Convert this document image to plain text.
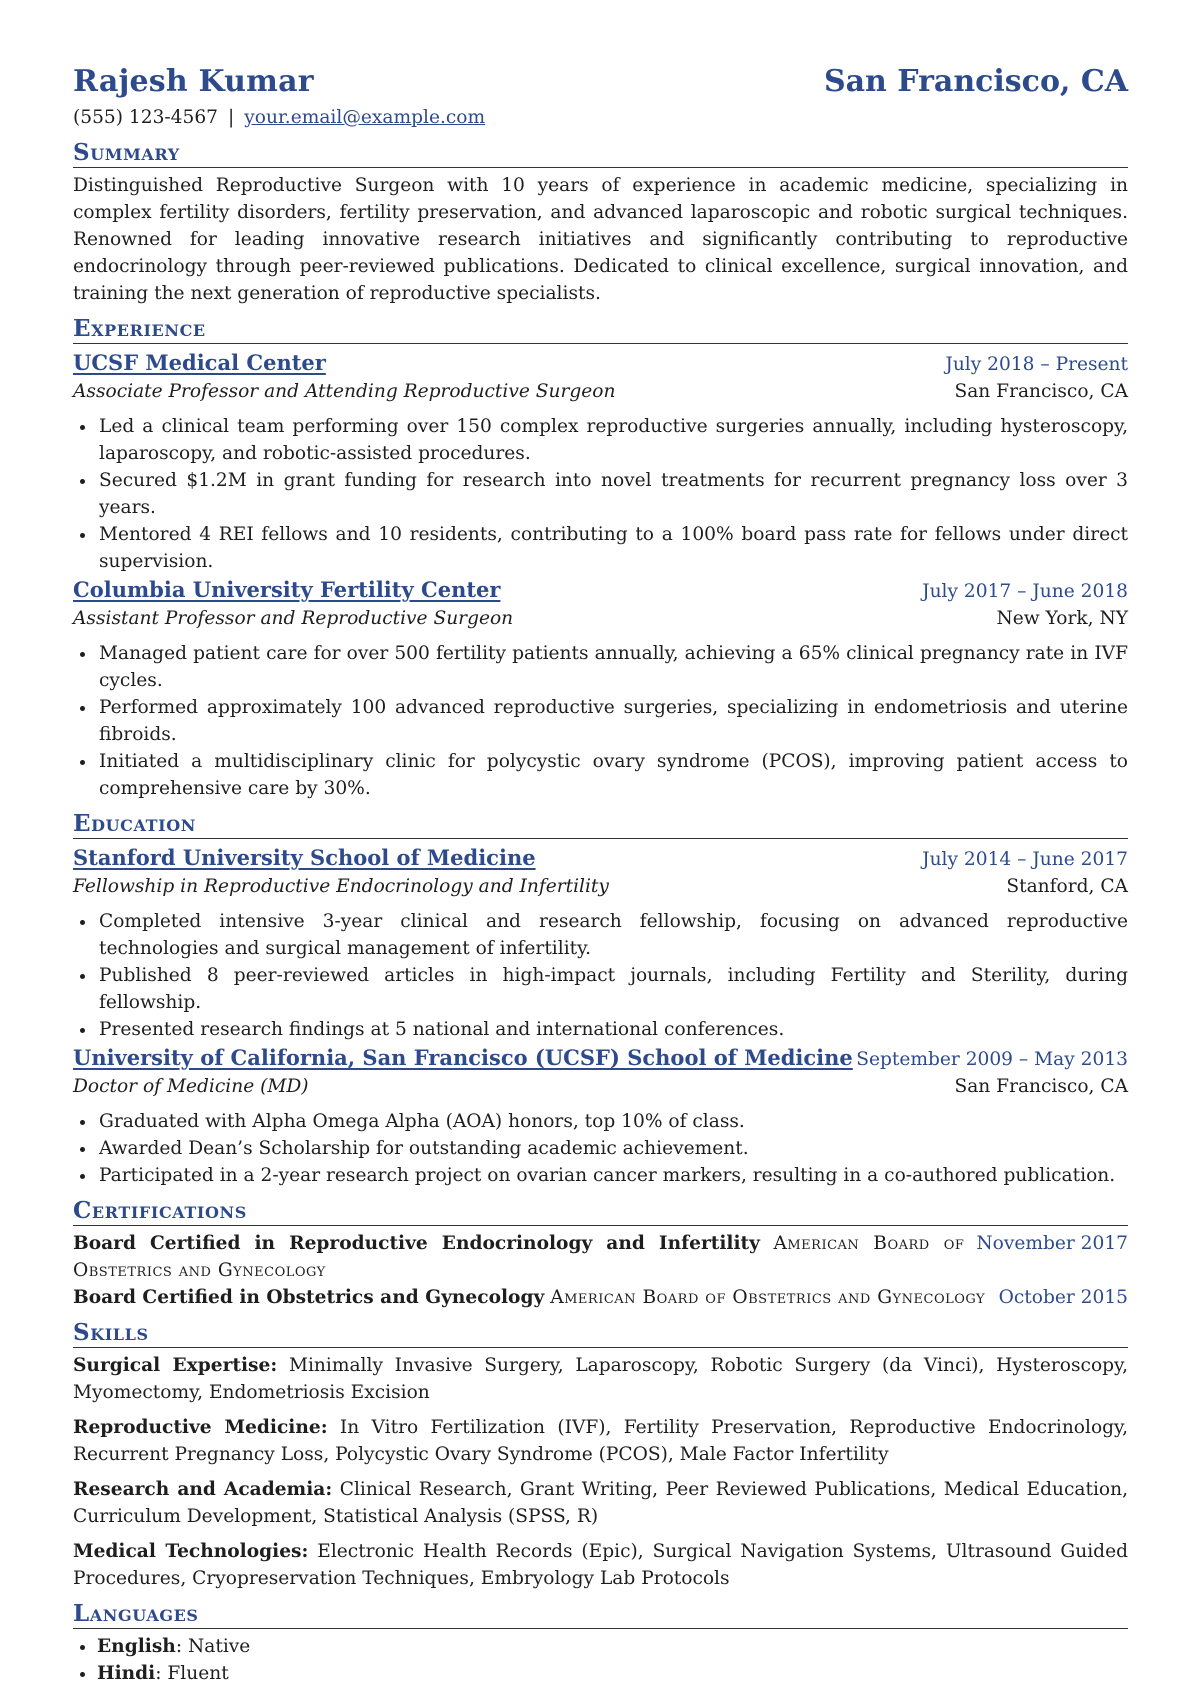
Rajesh Kumar	San Francisco, CA
(555) 123-4567 | your.email@example.com
Summary

Distinguished Reproductive Surgeon with 10 years of experience in academic medicine, specializing in complex fertility disorders, fertility preservation, and advanced laparoscopic and robotic surgical techniques. Renowned for leading innovative research initiatives and significantly contributing to reproductive endocrinology through peer-reviewed publications. Dedicated to clinical excellence, surgical innovation, and training the next generation of reproductive specialists.

Experience
UCSF Medical Center	July 2018 – Present
Associate Professor and Attending Reproductive Surgeon	San Francisco, CA
• Led a clinical team performing over 150 complex reproductive surgeries annually, including hysteroscopy, laparoscopy, and robotic-assisted procedures.
• Secured $1.2M in grant funding for research into novel treatments for recurrent pregnancy loss over 3 years.
• Mentored 4 REI fellows and 10 residents, contributing to a 100% board pass rate for fellows under direct supervision.
Columbia University Fertility Center	July 2017 – June 2018
Assistant Professor and Reproductive Surgeon	New York, NY
• Managed patient care for over 500 fertility patients annually, achieving a 65% clinical pregnancy rate in IVF cycles.
• Performed approximately 100 advanced reproductive surgeries, specializing in endometriosis and uterine fibroids.
• Initiated a multidisciplinary clinic for polycystic ovary syndrome (PCOS), improving patient access to comprehensive care by 30%.
Education
Stanford University School of Medicine	July 2014 – June 2017
Fellowship in Reproductive Endocrinology and Infertility	Stanford, CA
• Completed intensive 3-year clinical and research fellowship, focusing on advanced reproductive technologies and surgical management of infertility.
• Published 8 peer-reviewed articles in high-impact journals, including Fertility and Sterility, during fellowship.
• Presented research findings at 5 national and international conferences.
University of California, San Francisco (UCSF) School of Medicine September 2009 – May 2013
Doctor of Medicine (MD)	San Francisco, CA
• Graduated with Alpha Omega Alpha (AOA) honors, top 10% of class.
• Awarded Dean’s Scholarship for outstanding academic achievement.
• Participated in a 2-year research project on ovarian cancer markers, resulting in a co-authored publication.
Certifications
Board Certified in Reproductive Endocrinology and Infertility American Board of Obstetrics and Gynecology
November 2017
Board Certified in Obstetrics and Gynecology American Board of Obstetrics and Gynecology October 2015
Skills
Surgical Expertise: Minimally Invasive Surgery, Laparoscopy, Robotic Surgery (da Vinci), Hysteroscopy, Myomectomy, Endometriosis Excision
Reproductive Medicine: In Vitro Fertilization (IVF), Fertility Preservation, Reproductive Endocrinology, Recurrent Pregnancy Loss, Polycystic Ovary Syndrome (PCOS), Male Factor Infertility
Research and Academia: Clinical Research, Grant Writing, Peer Reviewed Publications, Medical Education, Curriculum Development, Statistical Analysis (SPSS, R)
Medical Technologies: Electronic Health Records (Epic), Surgical Navigation Systems, Ultrasound Guided Procedures, Cryopreservation Techniques, Embryology Lab Protocols
Languages
• English: Native
• Hindi: Fluent
